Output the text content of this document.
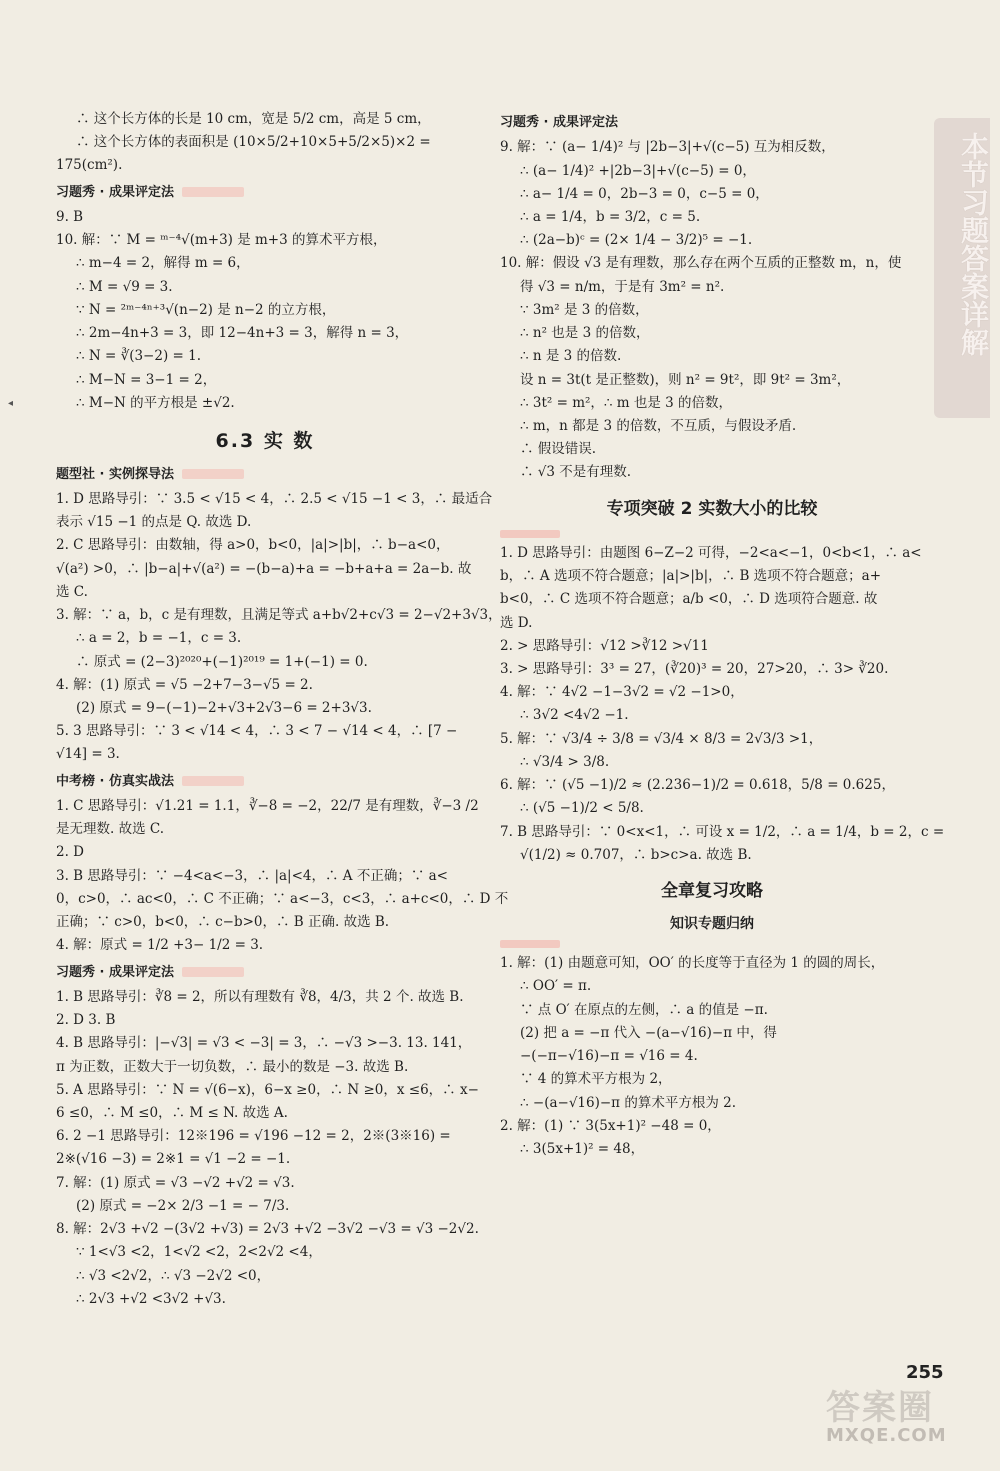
∴ 这个长方体的长是 10 cm，宽是 5/2 cm，高是 5 cm，

∴ 这个长方体的表面积是 (10×5/2+10×5+5/2×5)×2 =

175(cm²).

习题秀 · 成果评定法

9. B

10. 解：∵ M = ᵐ⁻⁴√(m+3) 是 m+3 的算术平方根，

∴ m−4 = 2，解得 m = 6，

∴ M = √9 = 3.

∵ N = ²ᵐ⁻⁴ⁿ⁺³√(n−2) 是 n−2 的立方根，

∴ 2m−4n+3 = 3，即 12−4n+3 = 3，解得 n = 3，

∴ N = ∛(3−2) = 1.

∴ M−N = 3−1 = 2，

∴ M−N 的平方根是 ±√2.

6.3 实 数
题型社 · 实例探导法

1. D 思路导引：∵ 3.5 < √15 < 4，∴ 2.5 < √15 −1 < 3，∴ 最适合

表示 √15 −1 的点是 Q. 故选 D.

2. C 思路导引：由数轴，得 a>0，b<0，|a|>|b|，∴ b−a<0，

√(a²) >0，∴ |b−a|+√(a²) = −(b−a)+a = −b+a+a = 2a−b. 故

选 C.

3. 解：∵ a，b，c 是有理数，且满足等式 a+b√2+c√3 = 2−√2+3√3，

∴ a = 2，b = −1，c = 3.

∴ 原式 = (2−3)²⁰²⁰+(−1)²⁰¹⁹ = 1+(−1) = 0.

4. 解：(1) 原式 = √5 −2+7−3−√5 = 2.

(2) 原式 = 9−(−1)−2+√3+2√3−6 = 2+3√3.

5. 3 思路导引：∵ 3 < √14 < 4，∴ 3 < 7 − √14 < 4，∴ [7 −

√14] = 3.

中考榜 · 仿真实战法

1. C 思路导引：√1.21 = 1.1，∛−8 = −2，22/7 是有理数，∛−3 /2

是无理数. 故选 C.

2. D

3. B 思路导引：∵ −4<a<−3，∴ |a|<4，∴ A 不正确；∵ a<

0，c>0，∴ ac<0，∴ C 不正确；∵ a<−3，c<3，∴ a+c<0，∴ D 不

正确；∵ c>0，b<0，∴ c−b>0，∴ B 正确. 故选 B.

4. 解：原式 = 1/2 +3− 1/2 = 3.

习题秀 · 成果评定法

1. B 思路导引：∛8 = 2，所以有理数有 ∛8，4/3，共 2 个. 故选 B.

2. D 3. B

4. B 思路导引：|−√3| = √3 < −3| = 3，∴ −√3 >−3. 13. 141，

π 为正数，正数大于一切负数，∴ 最小的数是 −3. 故选 B.

5. A 思路导引：∵ N = √(6−x)，6−x ≥0，∴ N ≥0，x ≤6，∴ x−

6 ≤0，∴ M ≤0，∴ M ≤ N. 故选 A.

6. 2 −1 思路导引：12※196 = √196 −12 = 2，2※(3※16) =

2※(√16 −3) = 2※1 = √1 −2 = −1.

7. 解：(1) 原式 = √3 −√2 +√2 = √3.

(2) 原式 = −2× 2/3 −1 = − 7/3.

8. 解：2√3 +√2 −(3√2 +√3) = 2√3 +√2 −3√2 −√3 = √3 −2√2.

∵ 1<√3 <2，1<√2 <2，2<2√2 <4，

∴ √3 <2√2，∴ √3 −2√2 <0，

∴ 2√3 +√2 <3√2 +√3.

习题秀 · 成果评定法

9. 解：∵ (a− 1/4)² 与 |2b−3|+√(c−5) 互为相反数，

∴ (a− 1/4)² +|2b−3|+√(c−5) = 0，

∴ a− 1/4 = 0，2b−3 = 0，c−5 = 0，

∴ a = 1/4，b = 3/2，c = 5.

∴ (2a−b)ᶜ = (2× 1/4 − 3/2)⁵ = −1.

10. 解：假设 √3 是有理数，那么存在两个互质的正整数 m，n，使

得 √3 = n/m，于是有 3m² = n².

∵ 3m² 是 3 的倍数，

∴ n² 也是 3 的倍数，

∴ n 是 3 的倍数.

设 n = 3t(t 是正整数)，则 n² = 9t²，即 9t² = 3m²，

∴ 3t² = m²，∴ m 也是 3 的倍数，

∴ m，n 都是 3 的倍数，不互质，与假设矛盾.

∴ 假设错误.

∴ √3 不是有理数.

专项突破 2 实数大小的比较

1. D 思路导引：由题图 6−Z−2 可得，−2<a<−1，0<b<1，∴ a<

b，∴ A 选项不符合题意；|a|>|b|，∴ B 选项不符合题意；a+

b<0，∴ C 选项不符合题意；a/b <0，∴ D 选项符合题意. 故

选 D.

2. > 思路导引：√12 >∛12 >√11

3. > 思路导引：3³ = 27，(∛20)³ = 20，27>20，∴ 3> ∛20.

4. 解：∵ 4√2 −1−3√2 = √2 −1>0，

∴ 3√2 <4√2 −1.

5. 解：∵ √3/4 ÷ 3/8 = √3/4 × 8/3 = 2√3/3 >1，

∴ √3/4 > 3/8.

6. 解：∵ (√5 −1)/2 ≈ (2.236−1)/2 = 0.618，5/8 = 0.625，

∴ (√5 −1)/2 < 5/8.

7. B 思路导引：∵ 0<x<1，∴ 可设 x = 1/2，∴ a = 1/4，b = 2，c =

√(1/2) ≈ 0.707，∴ b>c>a. 故选 B.

全章复习攻略
知识专题归纳

1. 解：(1) 由题意可知，OO′ 的长度等于直径为 1 的圆的周长，

∴ OO′ = π.

∵ 点 O′ 在原点的左侧，∴ a 的值是 −π.

(2) 把 a = −π 代入 −(a−√16)−π 中，得

−(−π−√16)−π = √16 = 4.

∵ 4 的算术平方根为 2，

∴ −(a−√16)−π 的算术平方根为 2.

2. 解：(1) ∵ 3(5x+1)² −48 = 0，

∴ 3(5x+1)² = 48，

本节习题答案详解
◂
255
答案圈
MXQE.COM
